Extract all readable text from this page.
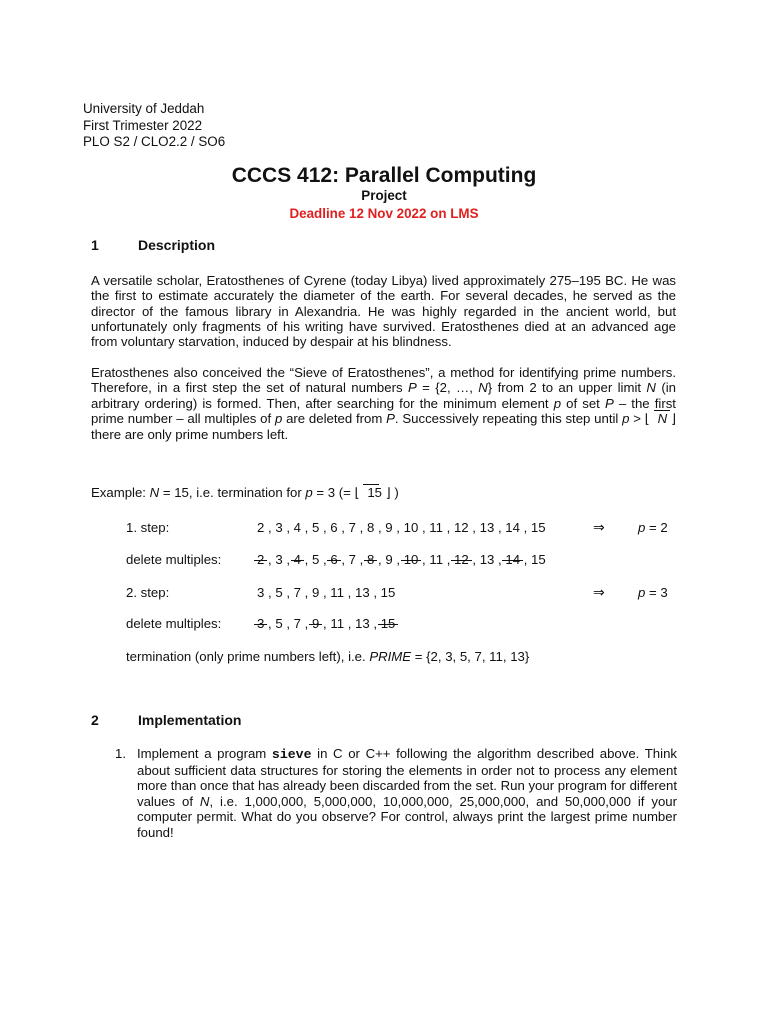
University of Jeddah
First Trimester 2022
PLO S2 / CLO2.2 / SO6
CCCS 412: Parallel Computing
Project
Deadline 12 Nov 2022 on LMS
1	Description
A versatile scholar, Eratosthenes of Cyrene (today Libya) lived approximately 275–195 BC. He was the first to estimate accurately the diameter of the earth. For several decades, he served as the director of the famous library in Alexandria. He was highly regarded in the ancient world, but unfortunately only fragments of his writing have survived. Eratosthenes died at an advanced age from voluntary starvation, induced by despair at his blindness.
Eratosthenes also conceived the “Sieve of Eratosthenes”, a method for identifying prime numbers. Therefore, in a first step the set of natural numbers P = {2, …, N} from 2 to an upper limit N (in arbitrary ordering) is formed. Then, after searching for the minimum element p of set P – the first prime number – all multiples of p are deleted from P. Successively repeating this step until p > ⌊ N ⌋ there are only prime numbers left.
Example: N = 15, i.e. termination for p = 3 (= ⌊ 15 ⌋ )
1. step:	2 , 3 , 4 , 5 , 6 , 7 , 8 , 9 , 10 , 11 , 12 , 13 , 14 , 15	⇒	p = 2
delete multiples:	2 , 3 , 4 , 5 , 6 , 7 , 8 , 9 , 10 , 11 , 12 , 13 , 14 , 15
2. step:	3 , 5 , 7 , 9 , 11 , 13 , 15	⇒	p = 3
delete multiples:	3 , 5 , 7 , 9 , 11 , 13 , 15
termination (only prime numbers left), i.e. PRIME = {2, 3, 5, 7, 11, 13}
2	Implementation
1. Implement a program sieve in C or C++ following the algorithm described above. Think about sufficient data structures for storing the elements in order not to process any element more than once that has already been discarded from the set. Run your program for different values of N, i.e. 1,000,000, 5,000,000, 10,000,000, 25,000,000, and 50,000,000 if your computer permit. What do you observe? For control, always print the largest prime number found!
